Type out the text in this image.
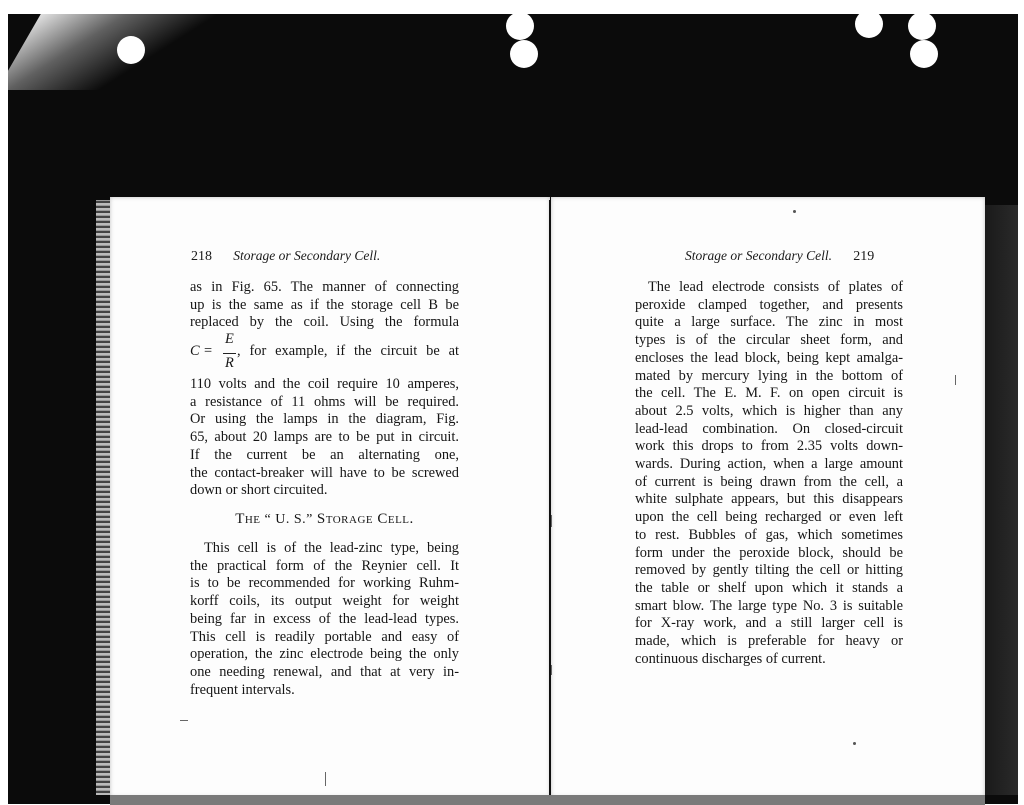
218 Storage or Secondary Cell.
as in Fig. 65. The manner of connecting
up is the same as if the storage cell B be
replaced by the coil. Using the formula
C =
E
R
, for example, if the circuit be at
110 volts and the coil require 10 amperes,
a resistance of 11 ohms will be required.
Or using the lamps in the diagram, Fig.
65, about 20 lamps are to be put in circuit.
If the current be an alternating one,
the contact-breaker will have to be screwed
down or short circuited.
The “ U. S.” Storage Cell.
This cell is of the lead-zinc type, being
the practical form of the Reynier cell. It
is to be recommended for working Ruhm-
korff coils, its output weight for weight
being far in excess of the lead-lead types.
This cell is readily portable and easy of
operation, the zinc electrode being the only
one needing renewal, and that at very in-
frequent intervals.
Storage or Secondary Cell. 219
The lead electrode consists of plates of
peroxide clamped together, and presents
quite a large surface. The zinc in most
types is of the circular sheet form, and
encloses the lead block, being kept amalga-
mated by mercury lying in the bottom of
the cell. The E. M. F. on open circuit is
about 2.5 volts, which is higher than any
lead-lead combination. On closed-circuit
work this drops to from 2.35 volts down-
wards. During action, when a large amount
of current is being drawn from the cell, a
white sulphate appears, but this disappears
upon the cell being recharged or even left
to rest. Bubbles of gas, which sometimes
form under the peroxide block, should be
removed by gently tilting the cell or hitting
the table or shelf upon which it stands a
smart blow. The large type No. 3 is suitable
for X-ray work, and a still larger cell is
made, which is preferable for heavy or
continuous discharges of current.
